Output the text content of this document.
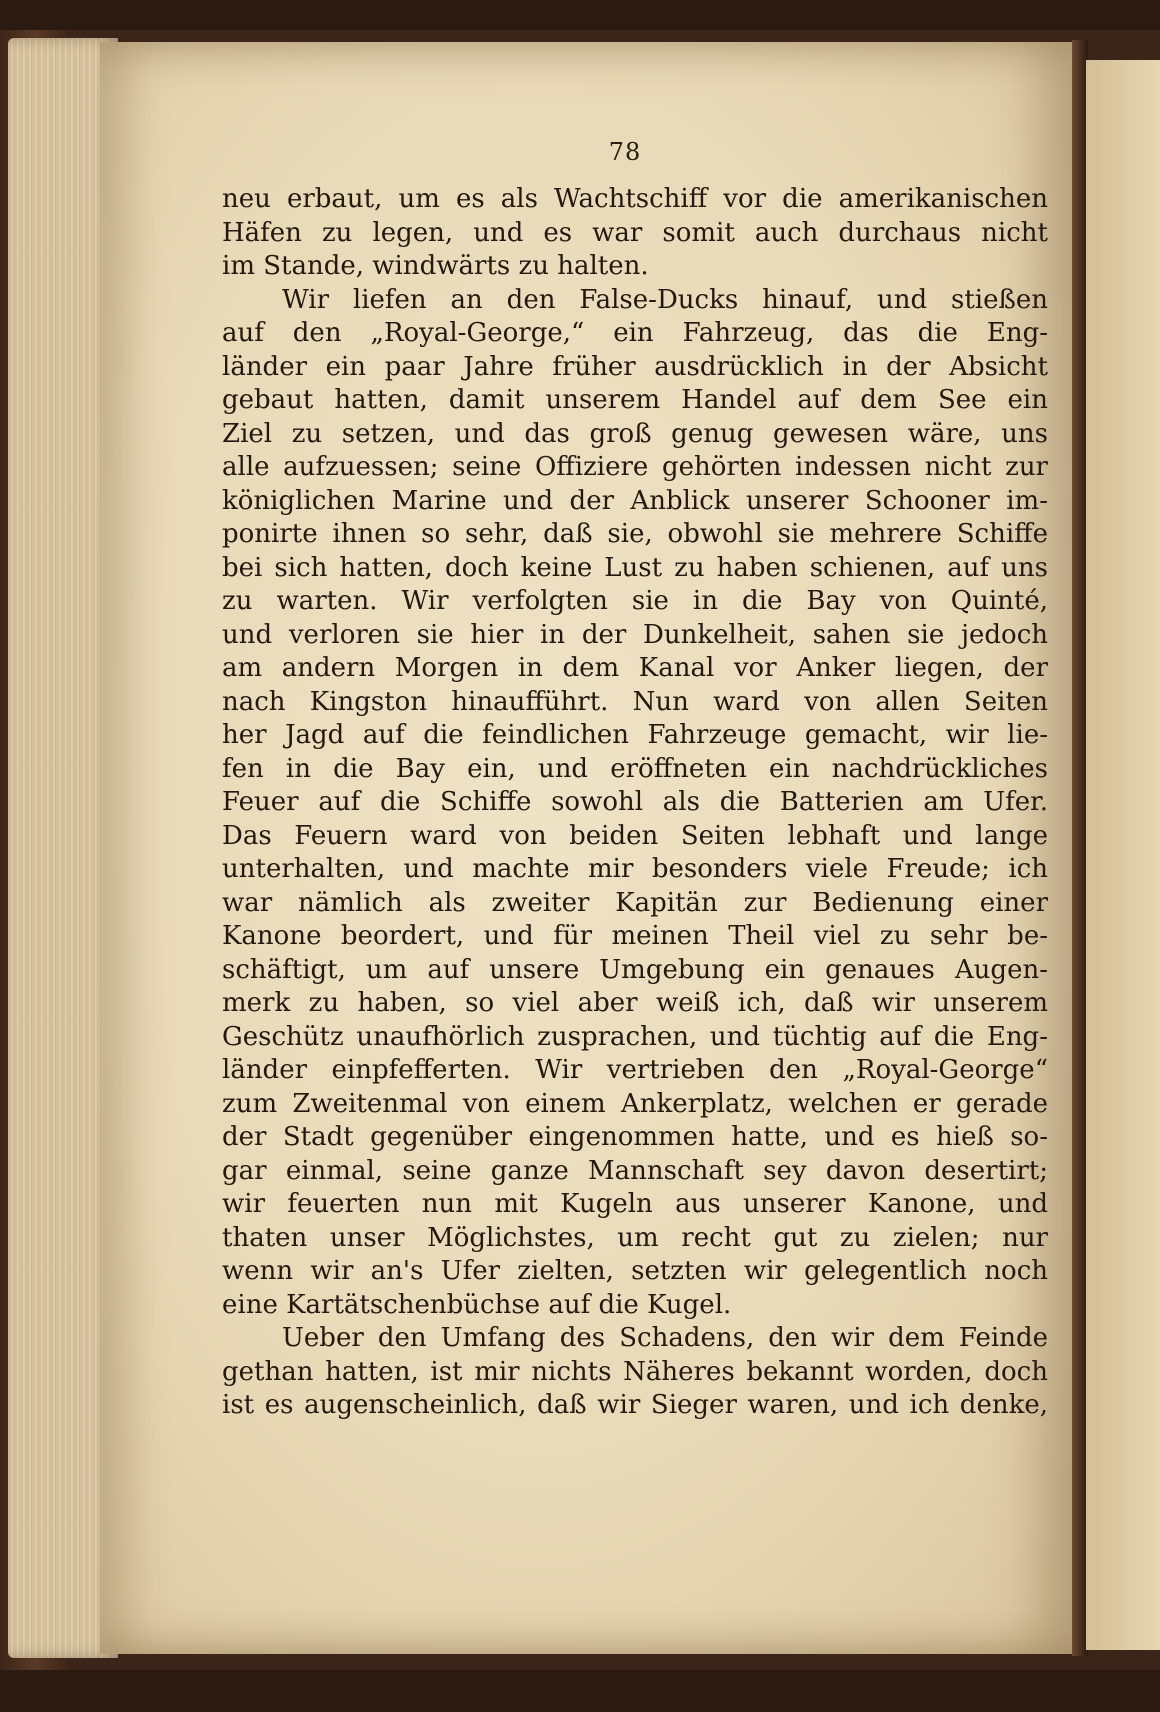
78
neu erbaut, um es als Wachtschiff vor die amerikanischen
Häfen zu legen, und es war somit auch durchaus nicht
im Stande, windwärts zu halten.
Wir liefen an den False-Ducks hinauf, und stießen
auf den „Royal-George,“ ein Fahrzeug, das die Eng-
länder ein paar Jahre früher ausdrücklich in der Absicht
gebaut hatten, damit unserem Handel auf dem See ein
Ziel zu setzen, und das groß genug gewesen wäre, uns
alle aufzuessen; seine Offiziere gehörten indessen nicht zur
königlichen Marine und der Anblick unserer Schooner im-
ponirte ihnen so sehr, daß sie, obwohl sie mehrere Schiffe
bei sich hatten, doch keine Lust zu haben schienen, auf uns
zu warten. Wir verfolgten sie in die Bay von Quinté,
und verloren sie hier in der Dunkelheit, sahen sie jedoch
am andern Morgen in dem Kanal vor Anker liegen, der
nach Kingston hinaufführt. Nun ward von allen Seiten
her Jagd auf die feindlichen Fahrzeuge gemacht, wir lie-
fen in die Bay ein, und eröffneten ein nachdrückliches
Feuer auf die Schiffe sowohl als die Batterien am Ufer.
Das Feuern ward von beiden Seiten lebhaft und lange
unterhalten, und machte mir besonders viele Freude; ich
war nämlich als zweiter Kapitän zur Bedienung einer
Kanone beordert, und für meinen Theil viel zu sehr be-
schäftigt, um auf unsere Umgebung ein genaues Augen-
merk zu haben, so viel aber weiß ich, daß wir unserem
Geschütz unaufhörlich zusprachen, und tüchtig auf die Eng-
länder einpfefferten. Wir vertrieben den „Royal-George“
zum Zweitenmal von einem Ankerplatz, welchen er gerade
der Stadt gegenüber eingenommen hatte, und es hieß so-
gar einmal, seine ganze Mannschaft sey davon desertirt;
wir feuerten nun mit Kugeln aus unserer Kanone, und
thaten unser Möglichstes, um recht gut zu zielen; nur
wenn wir an's Ufer zielten, setzten wir gelegentlich noch
eine Kartätschenbüchse auf die Kugel.
Ueber den Umfang des Schadens, den wir dem Feinde
gethan hatten, ist mir nichts Näheres bekannt worden, doch
ist es augenscheinlich, daß wir Sieger waren, und ich denke,
